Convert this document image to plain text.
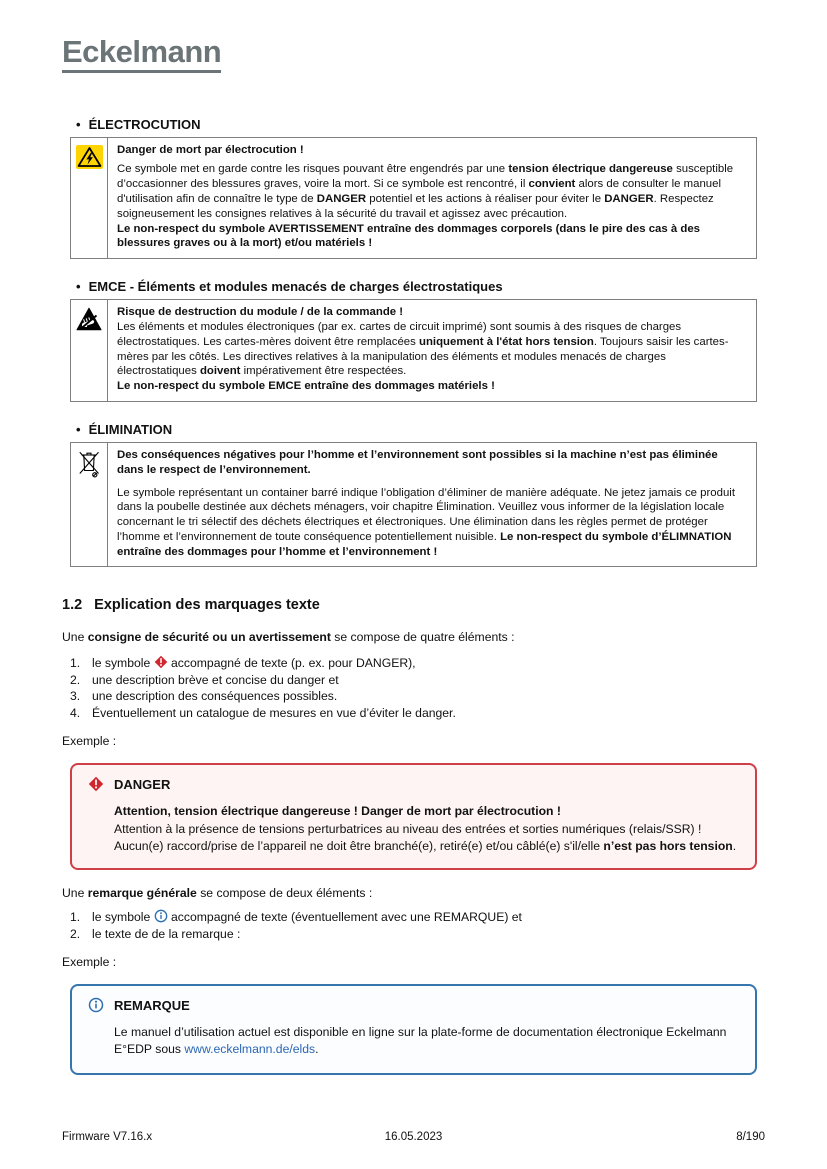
Eckelmann
• ÉLECTROCUTION

Danger de mort par électrocution !

Ce symbole met en garde contre les risques pouvant être engendrés par une tension électrique dangereuse susceptible d’occasionner des blessures graves, voire la mort. Si ce symbole est rencontré, il convient alors de consulter le manuel d'utilisation afin de connaître le type de DANGER potentiel et les actions à réaliser pour éviter le DANGER. Respectez soigneusement les consignes relatives à la sécurité du travail et agissez avec précaution.

Le non-respect du symbole AVERTISSEMENT entraîne des dommages corporels (dans le pire des cas à des blessures graves ou à la mort) et/ou matériels !

• EMCE - Éléments et modules menacés de charges électrostatiques

Risque de destruction du module / de la commande !

Les éléments et modules électroniques (par ex. cartes de circuit imprimé) sont soumis à des risques de charges électrostatiques. Les cartes-mères doivent être remplacées uniquement à l'état hors tension. Toujours saisir les cartes-mères par les côtés. Les directives relatives à la manipulation des éléments et modules menacés de charges électrostatiques doivent impérativement être respectées.

Le non-respect du symbole EMCE entraîne des dommages matériels !

• ÉLIMINATION

Des conséquences négatives pour l’homme et l’environnement sont possibles si la machine n’est pas éliminée dans le respect de l’environnement.

Le symbole représentant un container barré indique l’obligation d’éliminer de manière adéquate. Ne jetez jamais ce produit dans la poubelle destinée aux déchets ménagers, voir chapitre Élimination. Veuillez vous informer de la législation locale concernant le tri sélectif des déchets électriques et électroniques. Une élimination dans les règles permet de protéger l’homme et l’environnement de toute conséquence potentiellement nuisible. Le non-respect du symbole d’ÉLIMNATION entraîne des dommages pour l’homme et l’environnement !

1.2 Explication des marquages texte

Une consigne de sécurité ou un avertissement se compose de quatre éléments :

1. le symbole  accompagné de texte (p. ex. pour DANGER),
2. une description brève et concise du danger et
3. une description des conséquences possibles.
4. Éventuellement un catalogue de mesures en vue d’éviter le danger.

Exemple :

DANGER

Attention, tension électrique dangereuse ! Danger de mort par électrocution !

Attention à la présence de tensions perturbatrices au niveau des entrées et sorties numériques (relais/SSR) ! Aucun(e) raccord/prise de l’appareil ne doit être branché(e), retiré(e) et/ou câblé(e) s'il/elle n’est pas hors tension.

Une remarque générale se compose de deux éléments :

1. le symbole  accompagné de texte (éventuellement avec une REMARQUE) et
2. le texte de de la remarque :

Exemple :

REMARQUE

Le manuel d’utilisation actuel est disponible en ligne sur la plate-forme de documentation électronique Eckelmann E°EDP sous www.eckelmann.de/elds.

Firmware V7.16.x	16.05.2023	8/190
